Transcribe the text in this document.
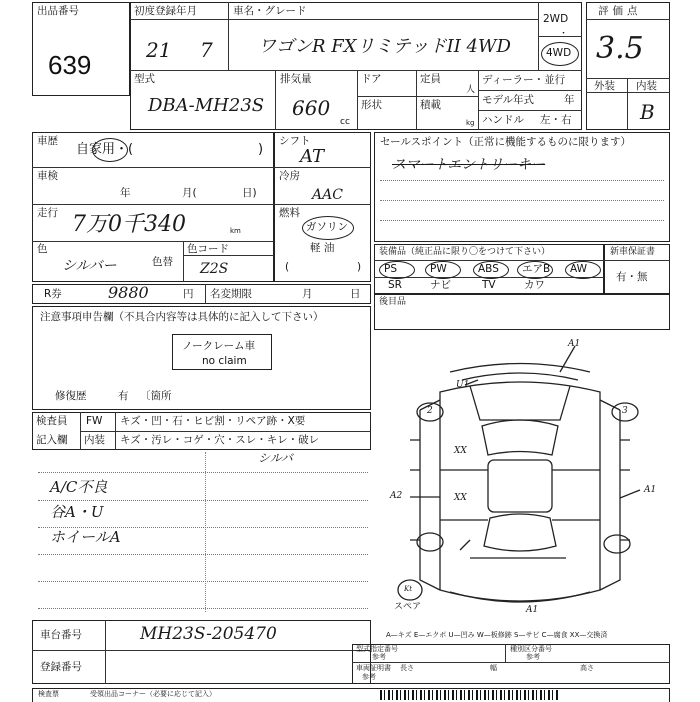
出品番号
639
初度登録年月
21 7
車名・グレード
ワゴンR FXリミテッドII 4WD
2WD
・
4WD
型式
DBA-MH23S
排気量
660
cc
ドア	定員
人
形状	積載
kg
ディーラー・並行
モデル年式	年
ハンドル 左・右
評価点
3.5
外装 内装
B
車歴
自家用・(	)
車検
年	月(	日)
走行 7万0千340	km
色
シルバー	色替
色コード
Z2S
シフト
AT
冷房
AAC
燃料
ガソリン
軽 油
(	)
セールスポイント（正常に機能するものに限ります）
スマートエントリーキー
装備品（純正品に限り〇をつけて下さい）
PS	PW	ABS エアB AW
SR	ナビ	TV	カワ
新車保証書
有・無
R券	9880	円 名変期限	月	日
後目品
注意事項申告欄（不具合内容等は具体的に記入して下さい）
ノークレーム車
no claim
修復歴	有 〔箇所
検査員
記入欄
FW キズ・凹・石・ヒビ割・リペア跡・X要
内装 キズ・汚レ・コゲ・穴・スレ・キレ・破レ
シルバ
A/C不良
谷A・U
ホイールA
A1
U1
2	3
XX
XX
A2
A1
A1
Kt
スペア
車台番号	MH23S-205470
登録番号
A—キズ E—エクボ U—凹み W—板修跡 S—サビ C—腐食 XX—交換済
型式指定番号
参考
種別区分番号
参考
車両証明書
参考
長さ	幅	高さ
検査票	受領出品コーナー（必要に応じて記入）
